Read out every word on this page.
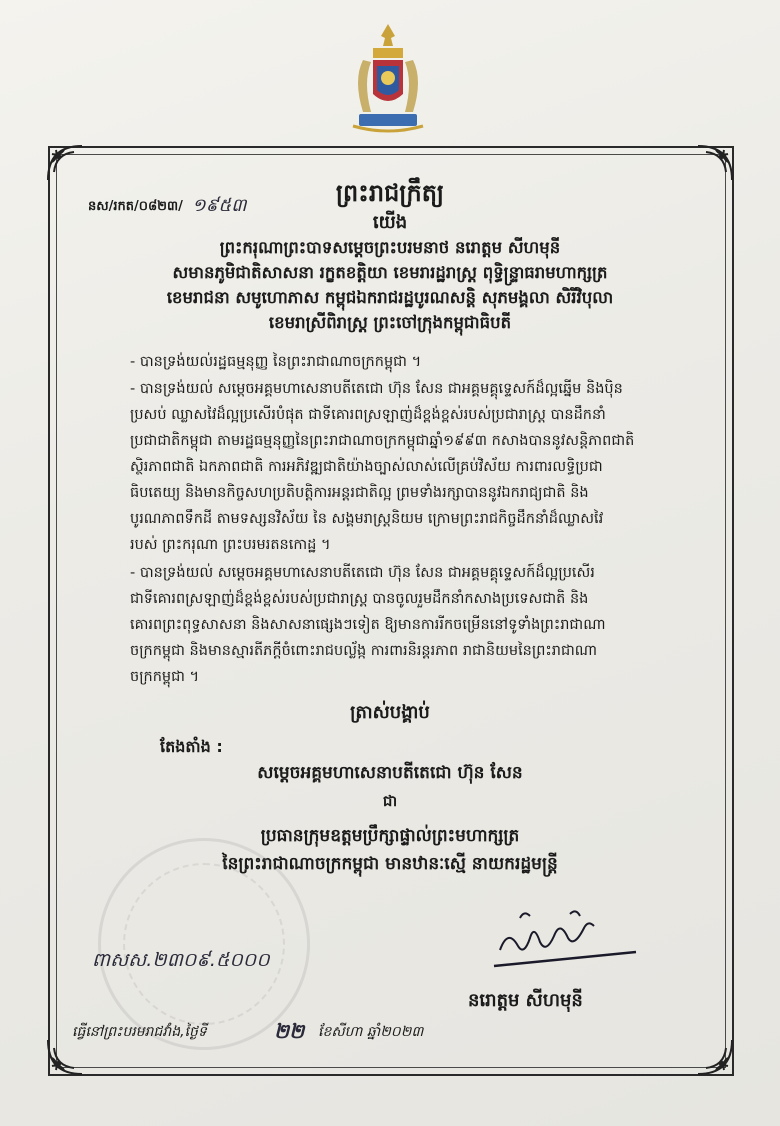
ព្រះរាជក្រឹត្យ
នស/រកត/០៨២៣/ ១៩៥៣
យើង
ព្រះករុណាព្រះបាទសម្តេចព្រះបរមនាថ នរោត្តម សីហមុនី
សមានភូមិជាតិសាសនា រក្ខតខត្តិយា ខេមរារដ្ឋរាស្ត្រ ពុទ្ធិន្ទ្រាធរាមហាក្សត្រ
ខេមរាជនា សមូហោភាស កម្ពុជឯករាជរដ្ឋបូរណសន្តិ សុភមង្គលា សិរីវិបុលា
ខេមរាស្រីពិរាស្ត្រ ព្រះចៅក្រុងកម្ពុជាធិបតី
- បានទ្រង់យល់រដ្ឋធម្មនុញ្ញ នៃព្រះរាជាណាចក្រកម្ពុជា ។
- បានទ្រង់យល់ សម្តេចអគ្គមហាសេនាបតីតេជោ ហ៊ុន សែន ជាអគ្គមគ្គុទ្ទេសក៍ដ៏ល្អឆ្នើម និងប៉ិន
ប្រសប់ ឈ្លាសវៃដ៏ល្អប្រសើរបំផុត ជាទីគោរពស្រឡាញ់ដ៏ខ្ពង់ខ្ពស់របស់ប្រជារាស្ត្រ បានដឹកនាំ
ប្រជាជាតិកម្ពុជា តាមរដ្ឋធម្មនុញ្ញនៃព្រះរាជាណាចក្រកម្ពុជាឆ្នាំ១៩៩៣ កសាងបាននូវសន្តិភាពជាតិ
ស្ថិរភាពជាតិ ឯកភាពជាតិ ការអភិវឌ្ឍជាតិយ៉ាងច្បាស់លាស់លើគ្រប់វិស័យ ការពារលទ្ធិប្រជា
ធិបតេយ្យ និងមានកិច្ចសហប្រតិបត្តិការអន្តរជាតិល្អ ព្រមទាំងរក្សាបាននូវឯករាជ្យជាតិ និង
បូរណភាពទឹកដី តាមទស្សនវិស័យ នៃ សង្គមរាស្ត្រនិយម ក្រោមព្រះរាជកិច្ចដឹកនាំដ៏ឈ្លាសវៃ
របស់ ព្រះករុណា ព្រះបរមរតនកោដ្ឋ ។
- បានទ្រង់យល់ សម្តេចអគ្គមហាសេនាបតីតេជោ ហ៊ុន សែន ជាអគ្គមគ្គុទ្ទេសក៍ដ៏ល្អប្រសើរ
ជាទីគោរពស្រឡាញ់ដ៏ខ្ពង់ខ្ពស់របស់ប្រជារាស្ត្រ បានចូលរួមដឹកនាំកសាងប្រទេសជាតិ និង
គោរពព្រះពុទ្ធសាសនា និងសាសនាផ្សេងៗទៀត ឱ្យមានការរីកចម្រើននៅទូទាំងព្រះរាជាណា
ចក្រកម្ពុជា និងមានស្មារតីភក្តីចំពោះរាជបល្ល័ង្ក ការពារនិរន្តរភាព រាជានិយមនៃព្រះរាជាណា
ចក្រកម្ពុជា ។
ត្រាស់បង្គាប់
តែងតាំង :
សម្តេចអគ្គមហាសេនាបតីតេជោ ហ៊ុន សែន
ជា
ប្រធានក្រុមឧត្តមប្រឹក្សាផ្ទាល់ព្រះមហាក្សត្រ
នៃព្រះរាជាណាចក្រកម្ពុជា មានឋានៈស្មើ នាយករដ្ឋមន្ត្រី
ពាសស.២៣០៩.៥០០០
នរោត្តម សីហមុនី
ធ្វើនៅព្រះបរមរាជវាំង,ថ្ងៃទី	២២ ខែសីហា ឆ្នាំ២០២៣
